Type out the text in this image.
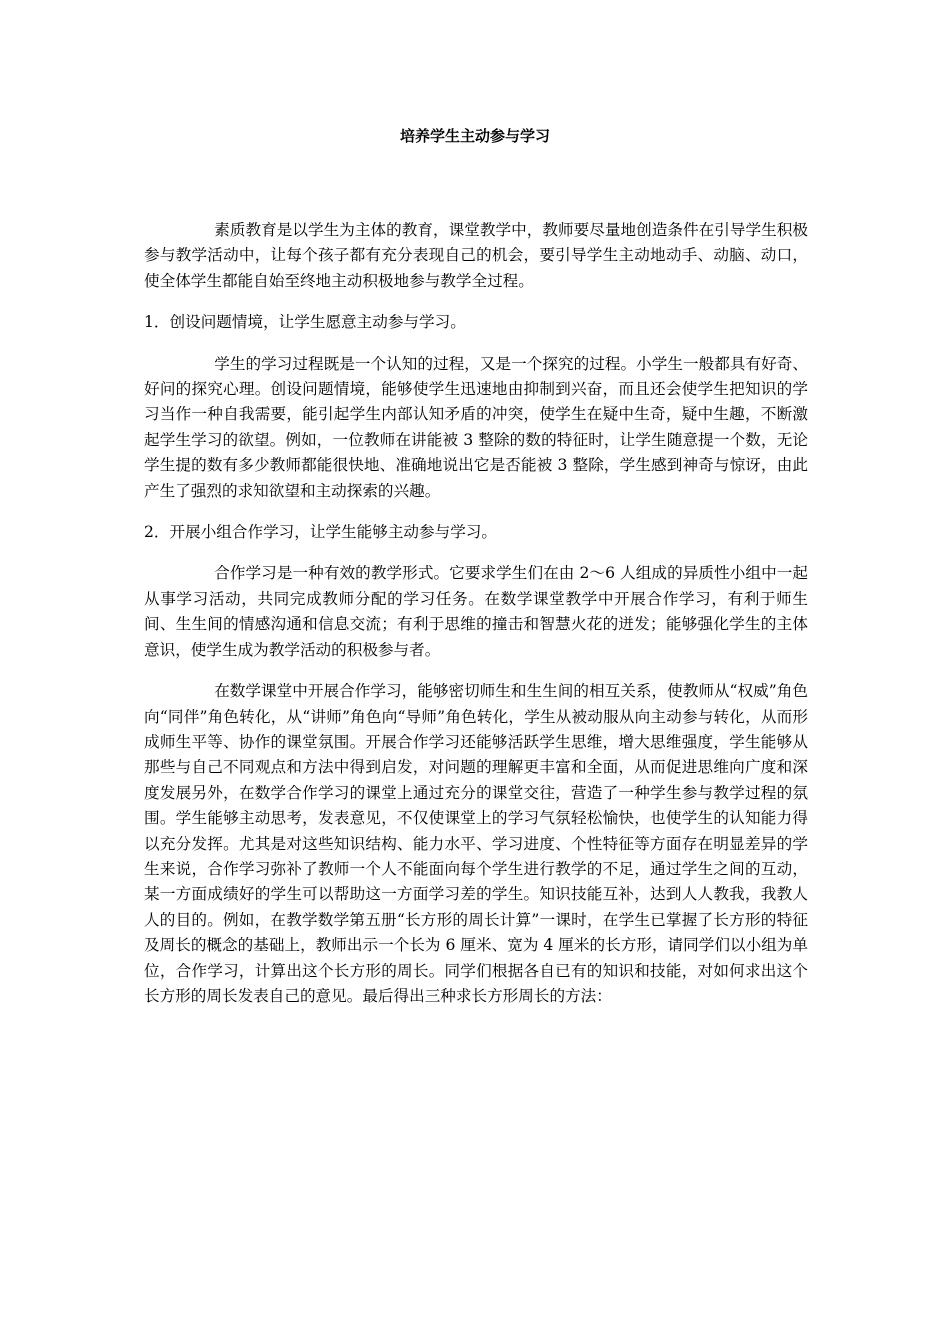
培养学生主动参与学习

素质教育是以学生为主体的教育，课堂教学中，教师要尽量地创造条件在引导学生积极参与教学活动中，让每个孩子都有充分表现自己的机会，要引导学生主动地动手、动脑、动口，使全体学生都能自始至终地主动积极地参与教学全过程。

1．创设问题情境，让学生愿意主动参与学习。

学生的学习过程既是一个认知的过程，又是一个探究的过程。小学生一般都具有好奇、好问的探究心理。创设问题情境，能够使学生迅速地由抑制到兴奋，而且还会使学生把知识的学习当作一种自我需要，能引起学生内部认知矛盾的冲突，使学生在疑中生奇，疑中生趣，不断激起学生学习的欲望。例如，一位教师在讲能被 3 整除的数的特征时，让学生随意提一个数，无论学生提的数有多少教师都能很快地、准确地说出它是否能被 3 整除，学生感到神奇与惊讶，由此产生了强烈的求知欲望和主动探索的兴趣。

2．开展小组合作学习，让学生能够主动参与学习。

合作学习是一种有效的教学形式。它要求学生们在由 2～6 人组成的异质性小组中一起从事学习活动，共同完成教师分配的学习任务。在数学课堂教学中开展合作学习，有利于师生间、生生间的情感沟通和信息交流；有利于思维的撞击和智慧火花的迸发；能够强化学生的主体意识，使学生成为教学活动的积极参与者。

在数学课堂中开展合作学习，能够密切师生和生生间的相互关系，使教师从“权威”角色向“同伴”角色转化，从“讲师”角色向“导师”角色转化，学生从被动服从向主动参与转化，从而形成师生平等、协作的课堂氛围。开展合作学习还能够活跃学生思维，增大思维强度，学生能够从那些与自己不同观点和方法中得到启发，对问题的理解更丰富和全面，从而促进思维向广度和深度发展另外，在数学合作学习的课堂上通过充分的课堂交往，营造了一种学生参与教学过程的氛围。学生能够主动思考，发表意见，不仅使课堂上的学习气氛轻松愉快，也使学生的认知能力得以充分发挥。尤其是对这些知识结构、能力水平、学习进度、个性特征等方面存在明显差异的学生来说，合作学习弥补了教师一个人不能面向每个学生进行教学的不足，通过学生之间的互动，某一方面成绩好的学生可以帮助这一方面学习差的学生。知识技能互补，达到人人教我，我教人人的目的。例如，在教学数学第五册“长方形的周长计算”一课时，在学生已掌握了长方形的特征及周长的概念的基础上，教师出示一个长为 6 厘米、宽为 4 厘米的长方形，请同学们以小组为单位，合作学习，计算出这个长方形的周长。同学们根据各自已有的知识和技能，对如何求出这个长方形的周长发表自己的意见。最后得出三种求长方形周长的方法：
